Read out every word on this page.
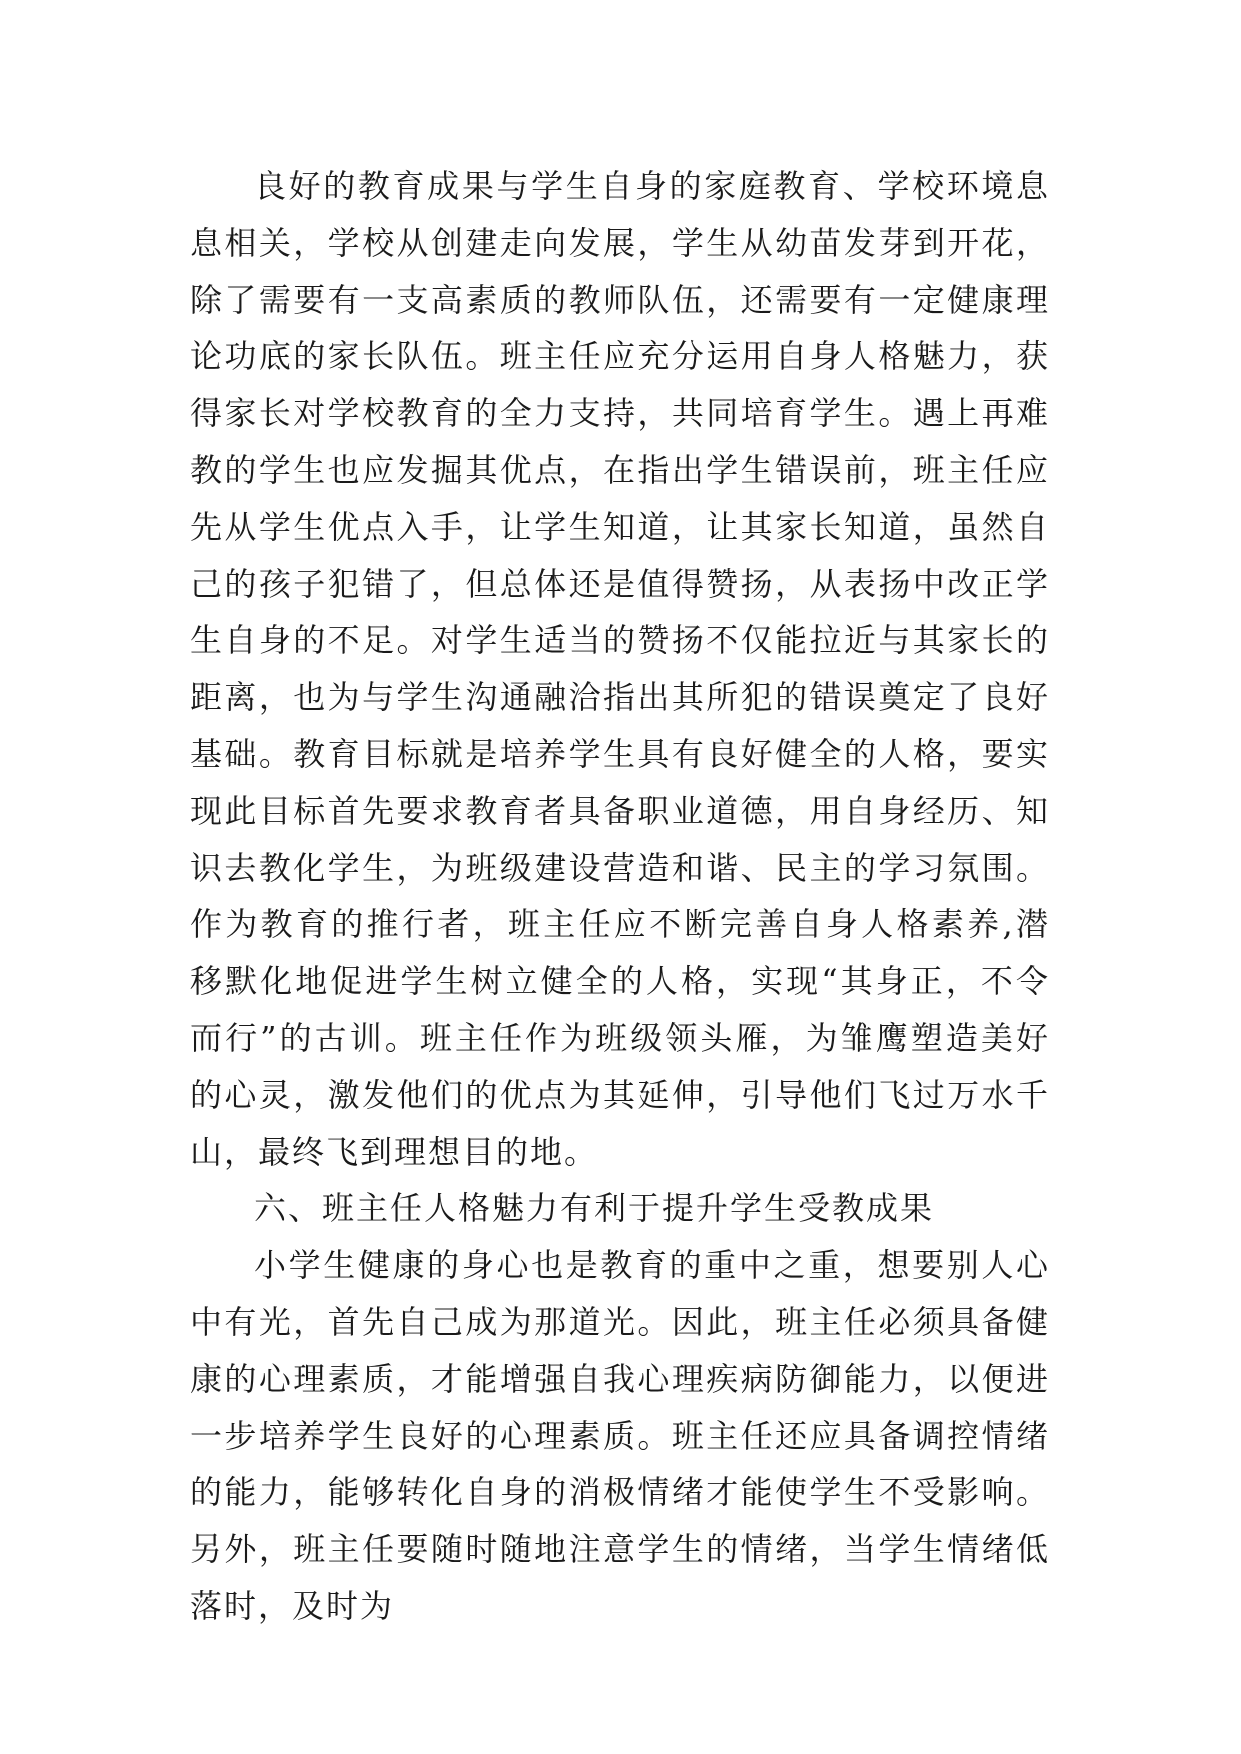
良好的教育成果与学生自身的家庭教育、学校环境息息相关，学校从创建走向发展，学生从幼苗发芽到开花，除了需要有一支高素质的教师队伍，还需要有一定健康理论功底的家长队伍。班主任应充分运用自身人格魅力，获得家长对学校教育的全力支持，共同培育学生。遇上再难教的学生也应发掘其优点，在指出学生错误前，班主任应先从学生优点入手，让学生知道，让其家长知道，虽然自己的孩子犯错了，但总体还是值得赞扬，从表扬中改正学生自身的不足。对学生适当的赞扬不仅能拉近与其家长的距离，也为与学生沟通融洽指出其所犯的错误奠定了良好基础。教育目标就是培养学生具有良好健全的人格，要实现此目标首先要求教育者具备职业道德，用自身经历、知识去教化学生，为班级建设营造和谐、民主的学习氛围。作为教育的推行者，班主任应不断完善自身人格素养,潜移默化地促进学生树立健全的人格，实现“其身正，不令而行”的古训。班主任作为班级领头雁，为雏鹰塑造美好的心灵，激发他们的优点为其延伸，引导他们飞过万水千山，最终飞到理想目的地。

六、班主任人格魅力有利于提升学生受教成果

小学生健康的身心也是教育的重中之重，想要别人心中有光，首先自己成为那道光。因此，班主任必须具备健康的心理素质，才能增强自我心理疾病防御能力，以便进一步培养学生良好的心理素质。班主任还应具备调控情绪的能力，能够转化自身的消极情绪才能使学生不受影响。另外，班主任要随时随地注意学生的情绪，当学生情绪低落时，及时为
